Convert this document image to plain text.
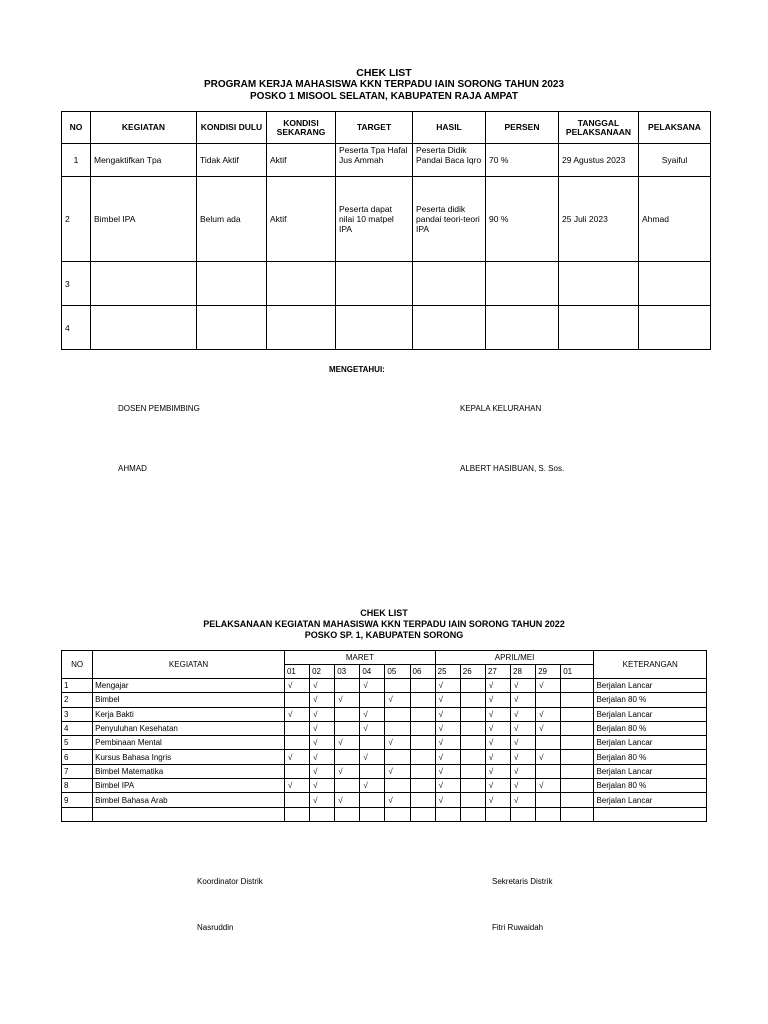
CHEK LIST
PROGRAM KERJA MAHASISWA KKN TERPADU IAIN SORONG TAHUN 2023
POSKO 1 MISOOL SELATAN, KABUPATEN RAJA AMPAT
NO	KEGIATAN	KONDISI DULU	KONDISI SEKARANG	TARGET	HASIL	PERSEN	TANGGAL PELAKSANAAN	PELAKSANA
1	Mengaktifkan Tpa	Tidak Aktif	Aktif	Peserta Tpa Hafal Jus Ammah	Peserta Didik Pandai Baca Iqro	70 %	29 Agustus 2023	Syaiful
2	Bimbel IPA	Belum ada	Aktif	Peserta dapat nilai 10 matpel IPA	Peserta didik pandai teori-teori IPA	90 %	25 Juli 2023	Ahmad
3								
4								
MENGETAHUI:
DOSEN PEMBIMBING	KEPALA KELURAHAN
AHMAD	ALBERT HASIBUAN, S. Sos.
CHEK LIST
PELAKSANAAN KEGIATAN MAHASISWA KKN TERPADU IAIN SORONG TAHUN 2022
POSKO SP. 1, KABUPATEN SORONG
NO	KEGIATAN	MARET						APRIL/MEI						KETERANGAN
		01	02	03	04	05	06	25	26	27	28	29	01	
1	Mengajar	√	√		√			√		√	√	√		Berjalan Lancar
2	Bimbel		√	√		√		√		√	√			Berjalan 80 %
3	Kerja Bakti	√	√		√			√		√	√	√		Berjalan Lancar
4	Penyuluhan Kesehatan		√		√			√		√	√	√		Berjalan 80 %
5	Pembinaan Mental		√	√		√		√		√	√			Berjalan Lancar
6	Kursus Bahasa Ingris	√	√		√			√		√	√	√		Berjalan 80 %
7	Bimbel Matematika		√	√		√		√		√	√			Berjalan Lancar
8	Bimbel IPA	√	√		√			√		√	√	√		Berjalan 80 %
9	Bimbel Bahasa Arab		√	√		√		√		√	√			Berjalan Lancar

Koordinator Distrik	Sekretaris Distrik
Nasruddin	Fitri Ruwaidah
